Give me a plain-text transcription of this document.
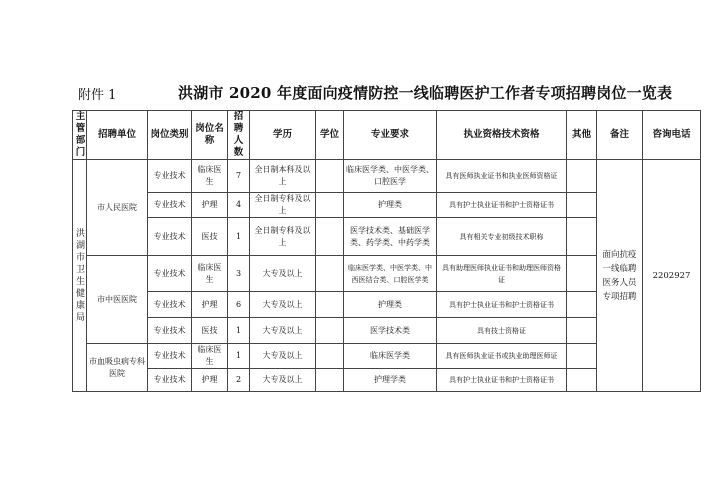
附件 1	洪湖市 2020 年度面向疫情防控一线临聘医护工作者专项招聘岗位一览表
主管部门	招聘单位	岗位类别	岗位名称	招聘人数	学历	学位	专业要求	执业资格技术资格	其他	备注	咨询电话
洪湖市卫生健康局	市人民医院	专业技术	临床医生	7	全日制本科及以上		临床医学类、中医学类、口腔医学	具有医师执业证书和执业医师资格证		面向抗疫一线临聘医务人员专项招聘	2202927
		专业技术	护理	4	全日制专科及以上		护理类	具有护士执业证书和护士资格证书			
		专业技术	医技	1	全日制专科及以上		医学技术类、基础医学类、药学类、中药学类	具有相关专业初级技术职称			
	市中医医院	专业技术	临床医生	3	大专及以上		临床医学类、中医学类、中西医结合类、口腔医学类	具有助理医师执业证书和助理医师资格证			
		专业技术	护理	6	大专及以上		护理类	具有护士执业证书和护士资格证书			
		专业技术	医技	1	大专及以上		医学技术类	具有技士资格证			
	市血吸虫病专科医院	专业技术	临床医生	1	大专及以上		临床医学类	具有医师执业证书或执业助理医师证			
		专业技术	护理	2	大专及以上		护理学类	具有护士执业证书和护士资格证书			
